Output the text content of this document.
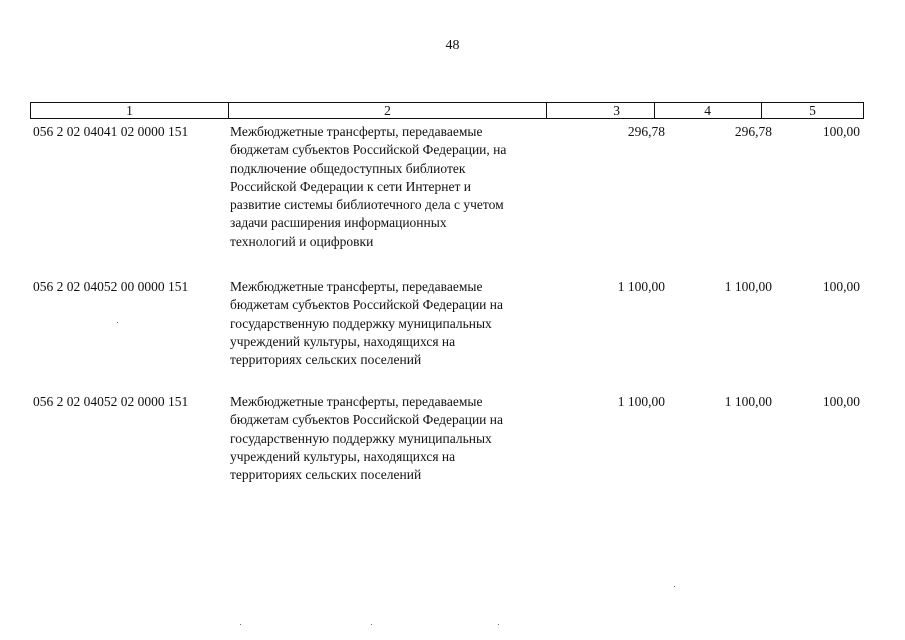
48
1	2	3	4	5
056 2 02 04041 02 0000 151	Межбюджетные трансферты, передаваемые
бюджетам субъектов Российской Федерации, на
подключение общедоступных библиотек
Российской Федерации к сети Интернет и
развитие системы библиотечного дела с учетом
задачи расширения информационных
технологий и оцифровки
296,78	296,78	100,00
056 2 02 04052 00 0000 151	Межбюджетные трансферты, передаваемые
бюджетам субъектов Российской Федерации на
государственную поддержку муниципальных
учреждений культуры, находящихся на
территориях сельских поселений
1 100,00	1 100,00	100,00
056 2 02 04052 02 0000 151	Межбюджетные трансферты, передаваемые
бюджетам субъектов Российской Федерации на
государственную поддержку муниципальных
учреждений культуры, находящихся на
территориях сельских поселений
1 100,00	1 100,00	100,00
